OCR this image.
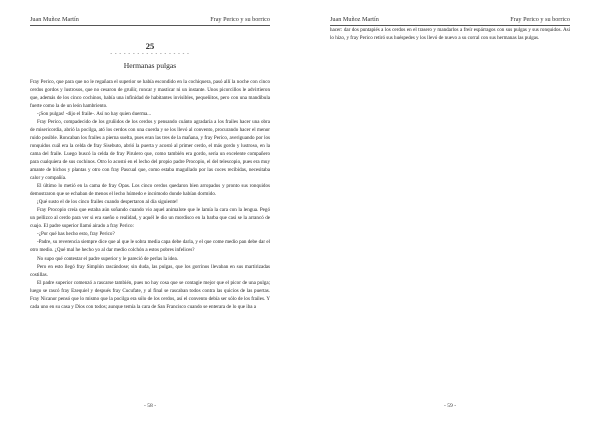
Juan Muñoz Martín	Fray Perico y su borrico
25
- - - - - - - - - - - - - - - - - -
Hermanas pulgas

Fray Perico, que para que no le regañara el superior se había escondido en la cochiquera, pasó allí la noche con cinco cerdos gordos y lustrosos, que no cesaron de gruñir, roncar y masticar ni un instante. Unos picorcillos le advirtieron que, además de los cinco cochinos, había una infinidad de habitantes invisibles, pequeñitos, pero con una mandíbula fuerte como la de un león hambriento.

-¡Son pulgas! -dijo el fraile-. Así no hay quien duerma...

Fray Perico, compadecido de los gruñidos de los cerdos y pensando cuánto agradaría a los frailes hacer una obra de misericordia, abrió la pocilga, ató los cerdos con una cuerda y se los llevó al convento, procurando hacer el menor ruido posible. Roncaban los frailes a pierna suelta, pues eran las tres de la mañana, y fray Perico, averiguando por los ronquidos cuál era la celda de fray Sisebuto, abrió la puerta y acostó al primer cerdo, el más gordo y lustroso, en la cama del fraile. Luego buscó la celda de fray Pirulero que, como también era gordo, sería un excelente compañero para cualquiera de sus cochinos. Otro lo acostó en el lecho del propio padre Procopio, el del telescopio, pues era muy amante de bichos y plantas y otro con fray Pascual que, como estaba magullado por las coces recibidas, necesitaba calor y compañía.

El último lo metió en la cama de fray Opas. Los cinco cerdos quedaron bien arropados y pronto sus ronquidos demostraron que se echaban de menos el lecho húmedo e incómodo donde habían dormido.

¡Qué susto el de los cinco frailes cuando despertaron al día siguiente!

Fray Procopio creía que estaba aún soñando cuando vio aquel animalote que le lamía la cara con la lengua. Pegó un pellizco al cerdo para ver si era sueño o realidad, y aquél le dio un mordisco en la barba que casi se la arrancó de cuajo. El padre superior llamó airado a fray Perico:

-¿Por qué has hecho esto, fray Perico?

-Padre, su reverencia siempre dice que al que le sobra media capa debe darla, y el que come medio pan debe dar el otro medio. ¿Qué mal he hecho yo al dar medio colchón a estos pobres infelices?

No supo qué contestar el padre superior y le pareció de perlas la idea.

Pero en esto llegó fray Simplón rascándose; sin duda, las pulgas, que los gorrinos llevaban en sus martirizadas costillas.

El padre superior comenzó a rascarse también, pues no hay cosa que se contagie mejor que el picor de una pulga; luego se rascó fray Ezequiel y después fray Cucufate, y al final se rascaban todos contra las quicios de las puertas. Fray Nicanor pensó que lo mismo que la pocilga era sólo de los cerdos, así el convento debía ser sólo de los frailes. Y cada uno en su casa y Dios con todos; aunque temía la cara de San Francisco cuando se enterara de lo que iba a

- 58 -
Juan Muñoz Martín	Fray Perico y su borrico

hacer: dar dos puntapiés a los cerdos en el trasero y mandarlos a freír espárragos con sus pulgas y sus ronquidos. Así lo hizo, y fray Perico retiró sus huéspedes y los llevó de nuevo a su corral con sus hermanas las pulgas.

- 59 -
